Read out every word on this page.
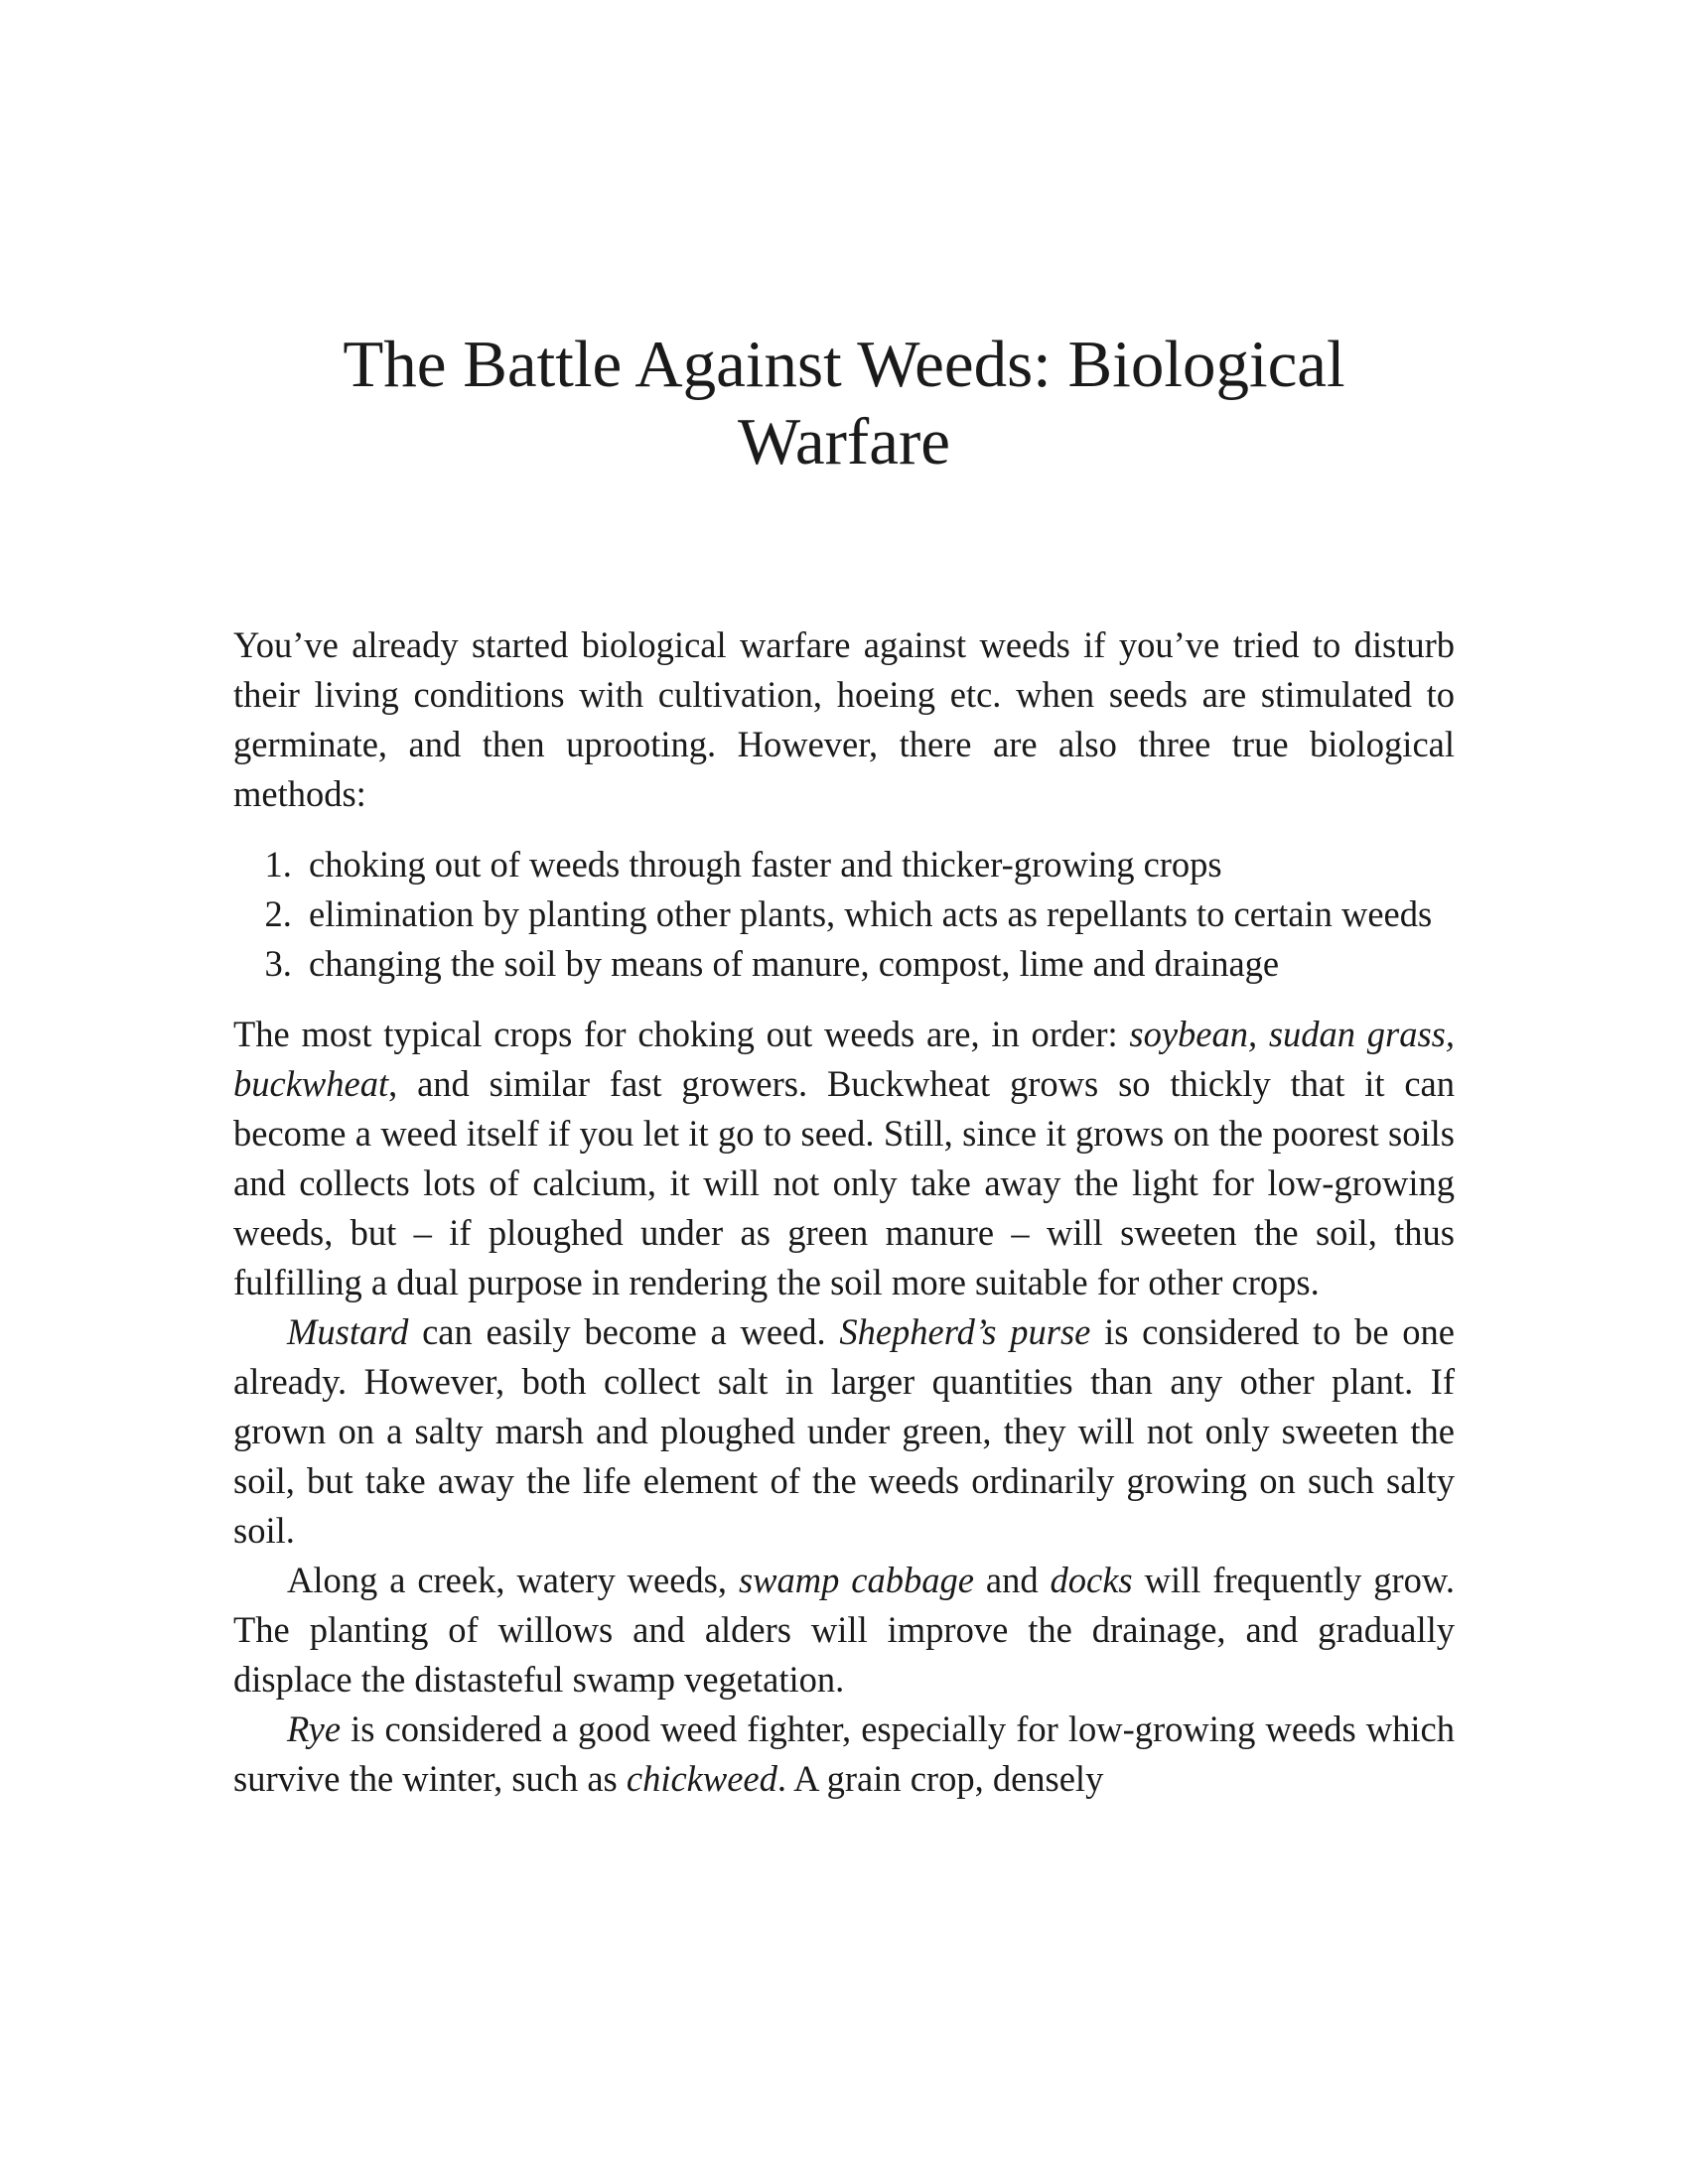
The Battle Against Weeds: Biological
Warfare

You’ve already started biological warfare against weeds if you’ve tried to disturb their living conditions with cultivation, hoeing etc. when seeds are stimulated to germinate, and then uprooting. However, there are also three true biological methods:

1. choking out of weeds through faster and thicker-growing crops
2. elimination by planting other plants, which acts as repellants to certain weeds
3. changing the soil by means of manure, compost, lime and drainage

The most typical crops for choking out weeds are, in order: soybean, sudan grass, buckwheat, and similar fast growers. Buckwheat grows so thickly that it can become a weed itself if you let it go to seed. Still, since it grows on the poorest soils and collects lots of calcium, it will not only take away the light for low-growing weeds, but – if ploughed under as green manure – will sweeten the soil, thus fulfilling a dual purpose in rendering the soil more suitable for other crops.

Mustard can easily become a weed. Shepherd’s purse is considered to be one already. However, both collect salt in larger quantities than any other plant. If grown on a salty marsh and ploughed under green, they will not only sweeten the soil, but take away the life element of the weeds ordinarily growing on such salty soil.

Along a creek, watery weeds, swamp cabbage and docks will frequently grow. The planting of willows and alders will improve the drainage, and gradually displace the distasteful swamp vegetation.

Rye is considered a good weed fighter, especially for low-growing weeds which survive the winter, such as chickweed. A grain crop, densely
